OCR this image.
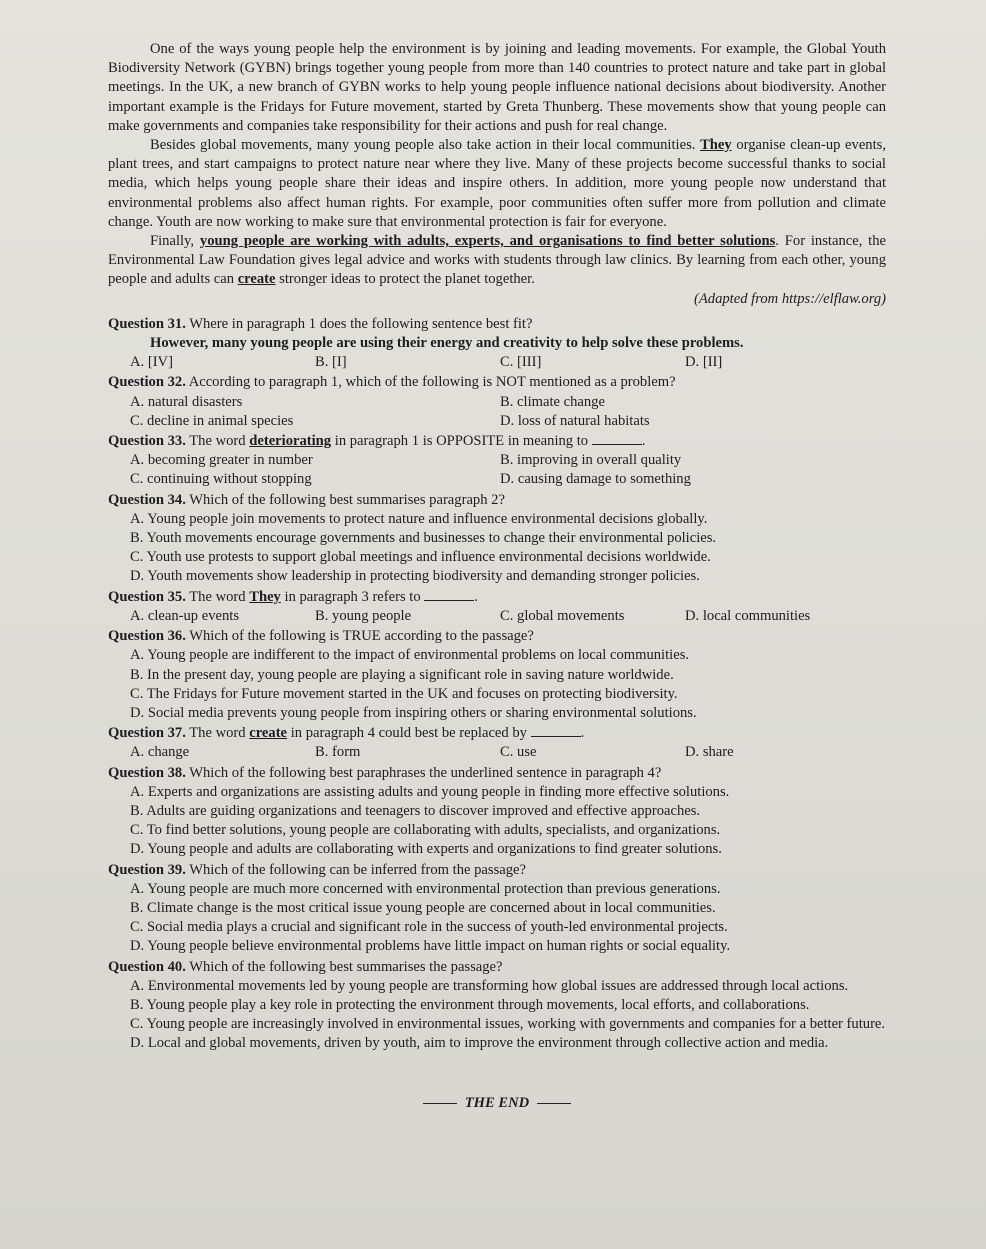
One of the ways young people help the environment is by joining and leading movements. For example, the Global Youth Biodiversity Network (GYBN) brings together young people from more than 140 countries to protect nature and take part in global meetings. In the UK, a new branch of GYBN works to help young people influence national decisions about biodiversity. Another important example is the Fridays for Future movement, started by Greta Thunberg. These movements show that young people can make governments and companies take responsibility for their actions and push for real change.

Besides global movements, many young people also take action in their local communities. They organise clean-up events, plant trees, and start campaigns to protect nature near where they live. Many of these projects become successful thanks to social media, which helps young people share their ideas and inspire others. In addition, more young people now understand that environmental problems also affect human rights. For example, poor communities often suffer more from pollution and climate change. Youth are now working to make sure that environmental protection is fair for everyone.

Finally, young people are working with adults, experts, and organisations to find better solutions. For instance, the Environmental Law Foundation gives legal advice and works with students through law clinics. By learning from each other, young people and adults can create stronger ideas to protect the planet together.

(Adapted from https://elflaw.org)

Question 31. Where in paragraph 1 does the following sentence best fit?

However, many young people are using their energy and creativity to help solve these problems.

A. [IV]	B. [I]	C. [III]	D. [II]

Question 32. According to paragraph 1, which of the following is NOT mentioned as a problem?

A. natural disasters	B. climate change
C. decline in animal species	D. loss of natural habitats

Question 33. The word deteriorating in paragraph 1 is OPPOSITE in meaning to	.

A. becoming greater in number	B. improving in overall quality
C. continuing without stopping	D. causing damage to something

Question 34. Which of the following best summarises paragraph 2?

A. Young people join movements to protect nature and influence environmental decisions globally.

B. Youth movements encourage governments and businesses to change their environmental policies.

C. Youth use protests to support global meetings and influence environmental decisions worldwide.

D. Youth movements show leadership in protecting biodiversity and demanding stronger policies.

Question 35. The word They in paragraph 3 refers to	.

A. clean-up events	B. young people	C. global movements	D. local communities

Question 36. Which of the following is TRUE according to the passage?

A. Young people are indifferent to the impact of environmental problems on local communities.

B. In the present day, young people are playing a significant role in saving nature worldwide.

C. The Fridays for Future movement started in the UK and focuses on protecting biodiversity.

D. Social media prevents young people from inspiring others or sharing environmental solutions.

Question 37. The word create in paragraph 4 could best be replaced by	.

A. change	B. form	C. use	D. share

Question 38. Which of the following best paraphrases the underlined sentence in paragraph 4?

A. Experts and organizations are assisting adults and young people in finding more effective solutions.

B. Adults are guiding organizations and teenagers to discover improved and effective approaches.

C. To find better solutions, young people are collaborating with adults, specialists, and organizations.

D. Young people and adults are collaborating with experts and organizations to find greater solutions.

Question 39. Which of the following can be inferred from the passage?

A. Young people are much more concerned with environmental protection than previous generations.

B. Climate change is the most critical issue young people are concerned about in local communities.

C. Social media plays a crucial and significant role in the success of youth-led environmental projects.

D. Young people believe environmental problems have little impact on human rights or social equality.

Question 40. Which of the following best summarises the passage?

A. Environmental movements led by young people are transforming how global issues are addressed through local actions.

B. Young people play a key role in protecting the environment through movements, local efforts, and collaborations.

C. Young people are increasingly involved in environmental issues, working with governments and companies for a better future.

D. Local and global movements, driven by youth, aim to improve the environment through collective action and media.

THE END
